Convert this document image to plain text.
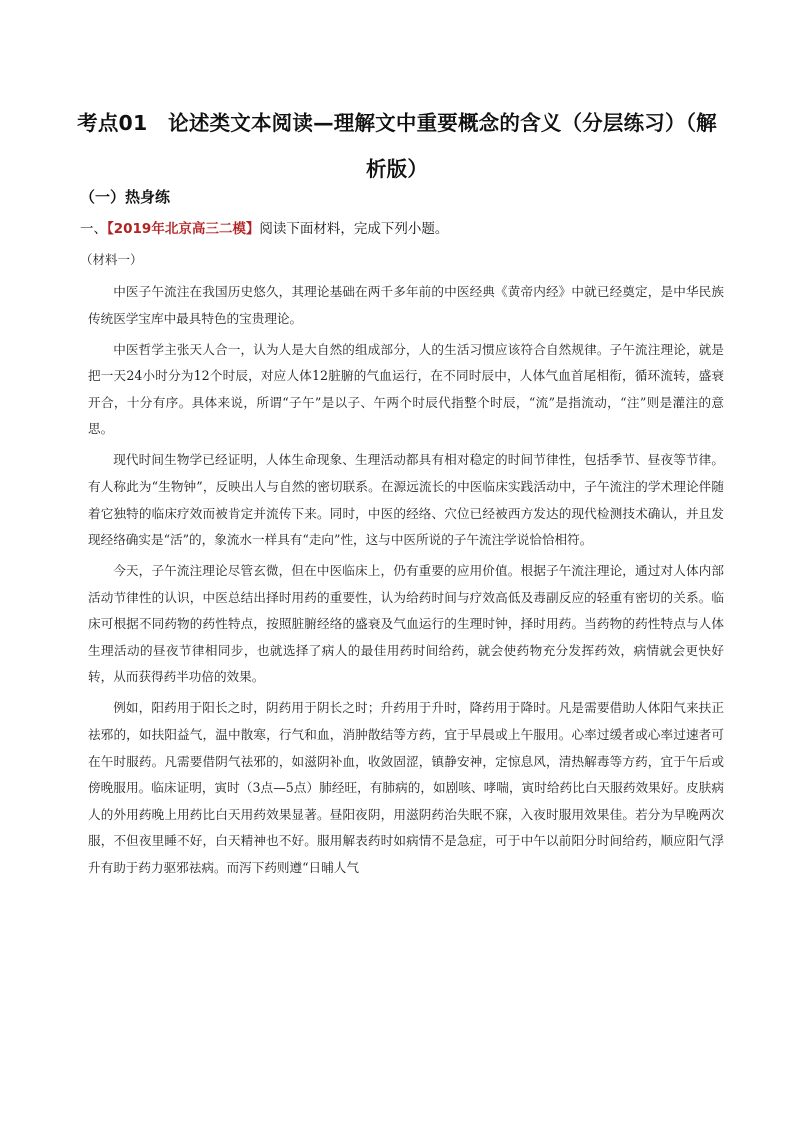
考点01　论述类文本阅读—理解文中重要概念的含义（分层练习）（解析版）
（一）热身练
一、【2019年北京高三二模】阅读下面材料，完成下列小题。
（材料一）

中医子午流注在我国历史悠久，其理论基础在两千多年前的中医经典《黄帝内经》中就已经奠定，是中华民族传统医学宝库中最具特色的宝贵理论。

中医哲学主张天人合一，认为人是大自然的组成部分，人的生活习惯应该符合自然规律。子午流注理论，就是把一天24小时分为12个时辰，对应人体12脏腑的气血运行，在不同时辰中，人体气血首尾相衔，循环流转，盛衰开合，十分有序。具体来说，所谓“子午”是以子、午两个时辰代指整个时辰，“流”是指流动，“注”则是灌注的意思。

现代时间生物学已经证明，人体生命现象、生理活动都具有相对稳定的时间节律性，包括季节、昼夜等节律。有人称此为“生物钟”，反映出人与自然的密切联系。在源远流长的中医临床实践活动中，子午流注的学术理论伴随着它独特的临床疗效而被肯定并流传下来。同时，中医的经络、穴位已经被西方发达的现代检测技术确认，并且发现经络确实是“活”的，象流水一样具有“走向”性，这与中医所说的子午流注学说恰恰相符。

今天，子午流注理论尽管玄微，但在中医临床上，仍有重要的应用价值。根据子午流注理论，通过对人体内部活动节律性的认识，中医总结出择时用药的重要性，认为给药时间与疗效高低及毒副反应的轻重有密切的关系。临床可根据不同药物的药性特点，按照脏腑经络的盛衰及气血运行的生理时钟，择时用药。当药物的药性特点与人体生理活动的昼夜节律相同步，也就选择了病人的最佳用药时间给药，就会使药物充分发挥药效，病情就会更快好转，从而获得药半功倍的效果。

例如，阳药用于阳长之时，阴药用于阴长之时；升药用于升时，降药用于降时。凡是需要借助人体阳气来扶正祛邪的，如扶阳益气，温中散寒，行气和血，消肿散结等方药，宜于早晨或上午服用。心率过缓者或心率过速者可在午时服药。凡需要借阴气祛邪的，如滋阴补血，收敛固涩，镇静安神，定惊息风，清热解毒等方药，宜于午后或傍晚服用。临床证明，寅时（3点—5点）肺经旺，有肺病的，如剧咳、哮喘，寅时给药比白天服药效果好。皮肤病人的外用药晚上用药比白天用药效果显著。昼阳夜阴，用滋阴药治失眠不寐，入夜时服用效果佳。若分为早晚两次服，不但夜里睡不好，白天精神也不好。服用解表药时如病情不是急症，可于中午以前阳分时间给药，顺应阳气浮升有助于药力驱邪祛病。而泻下药则遵“日晡人气
